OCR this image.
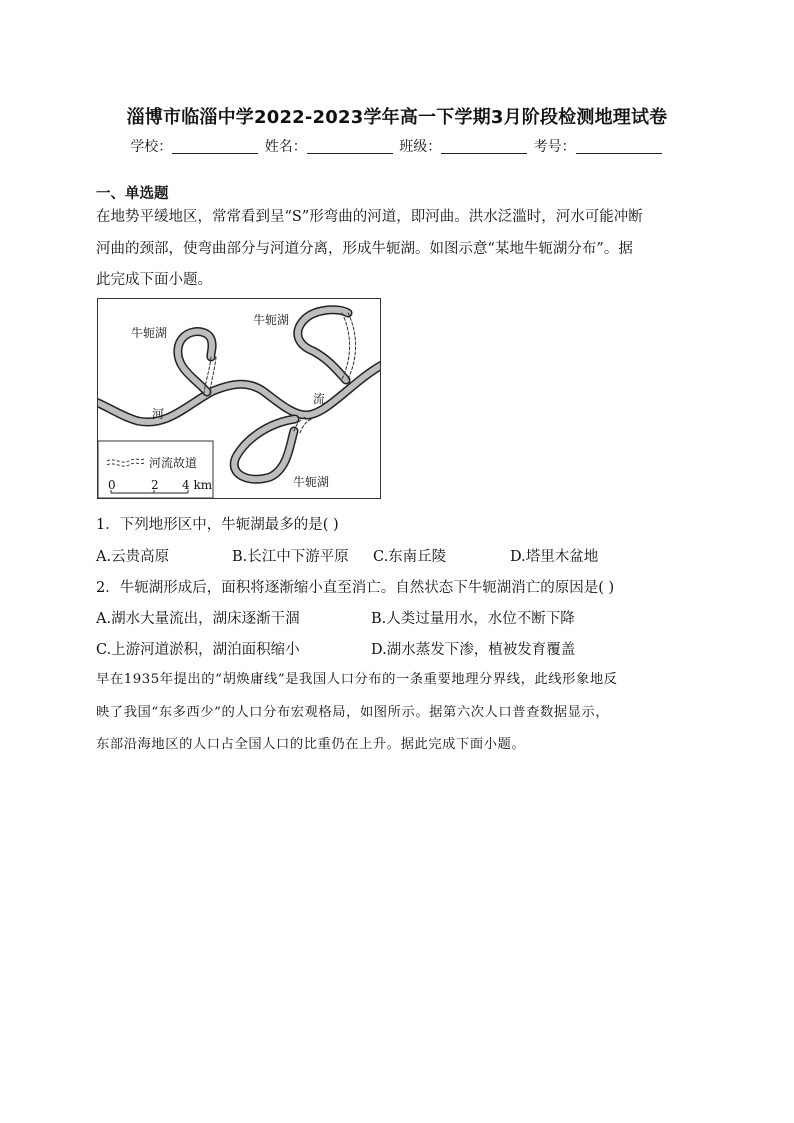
淄博市临淄中学2022-2023学年高一下学期3月阶段检测地理试卷
学校：	姓名：	班级：	考号：
一、单选题
在地势平缓地区，常常看到呈“S”形弯曲的河道，即河曲。洪水泛滥时，河水可能冲断
河曲的颈部，使弯曲部分与河道分离，形成牛轭湖。如图示意“某地牛轭湖分布”。据
此完成下面小题。
牛轭湖
牛轭湖
牛轭湖
河
流
河流故道
0	2 4 km
1．下列地形区中，牛轭湖最多的是( )
A.云贵高原	B.长江中下游平原 C.东南丘陵	D.塔里木盆地
2．牛轭湖形成后，面积将逐渐缩小直至消亡。自然状态下牛轭湖消亡的原因是( )
A.湖水大量流出，湖床逐渐干涸	B.人类过量用水，水位不断下降
C.上游河道淤积，湖泊面积缩小	D.湖水蒸发下渗，植被发育覆盖
早在1935年提出的“胡焕庸线”是我国人口分布的一条重要地理分界线，此线形象地反
映了我国“东多西少”的人口分布宏观格局，如图所示。据第六次人口普查数据显示，
东部沿海地区的人口占全国人口的比重仍在上升。据此完成下面小题。
